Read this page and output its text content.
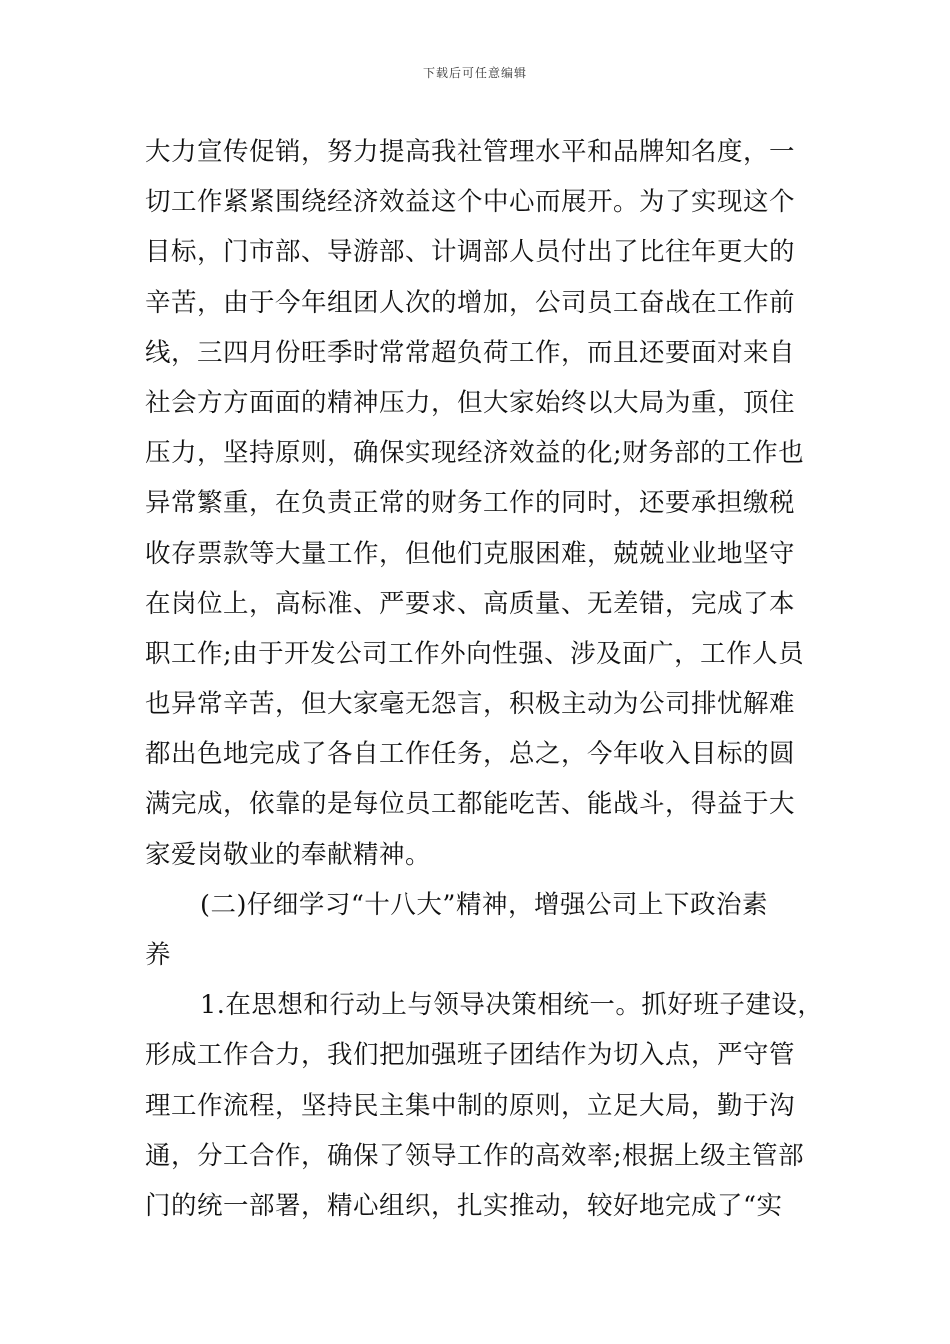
下载后可任意编辑
大力宣传促销，努力提高我社管理水平和品牌知名度，一
切工作紧紧围绕经济效益这个中心而展开。为了实现这个
目标，门市部、导游部、计调部人员付出了比往年更大的
辛苦，由于今年组团人次的增加，公司员工奋战在工作前
线，三四月份旺季时常常超负荷工作，而且还要面对来自
社会方方面面的精神压力，但大家始终以大局为重，顶住
压力，坚持原则，确保实现经济效益的化;财务部的工作也
异常繁重，在负责正常的财务工作的同时，还要承担缴税
收存票款等大量工作，但他们克服困难，兢兢业业地坚守
在岗位上，高标准、严要求、高质量、无差错，完成了本
职工作;由于开发公司工作外向性强、涉及面广，工作人员
也异常辛苦，但大家毫无怨言，积极主动为公司排忧解难
都出色地完成了各自工作任务，总之，今年收入目标的圆
满完成，依靠的是每位员工都能吃苦、能战斗，得益于大
家爱岗敬业的奉献精神。
(二)仔细学习“十八大”精神，增强公司上下政治素
养
1.在思想和行动上与领导决策相统一。抓好班子建设，
形成工作合力，我们把加强班子团结作为切入点，严守管
理工作流程，坚持民主集中制的原则，立足大局，勤于沟
通，分工合作，确保了领导工作的高效率;根据上级主管部
门的统一部署，精心组织，扎实推动，较好地完成了“实
